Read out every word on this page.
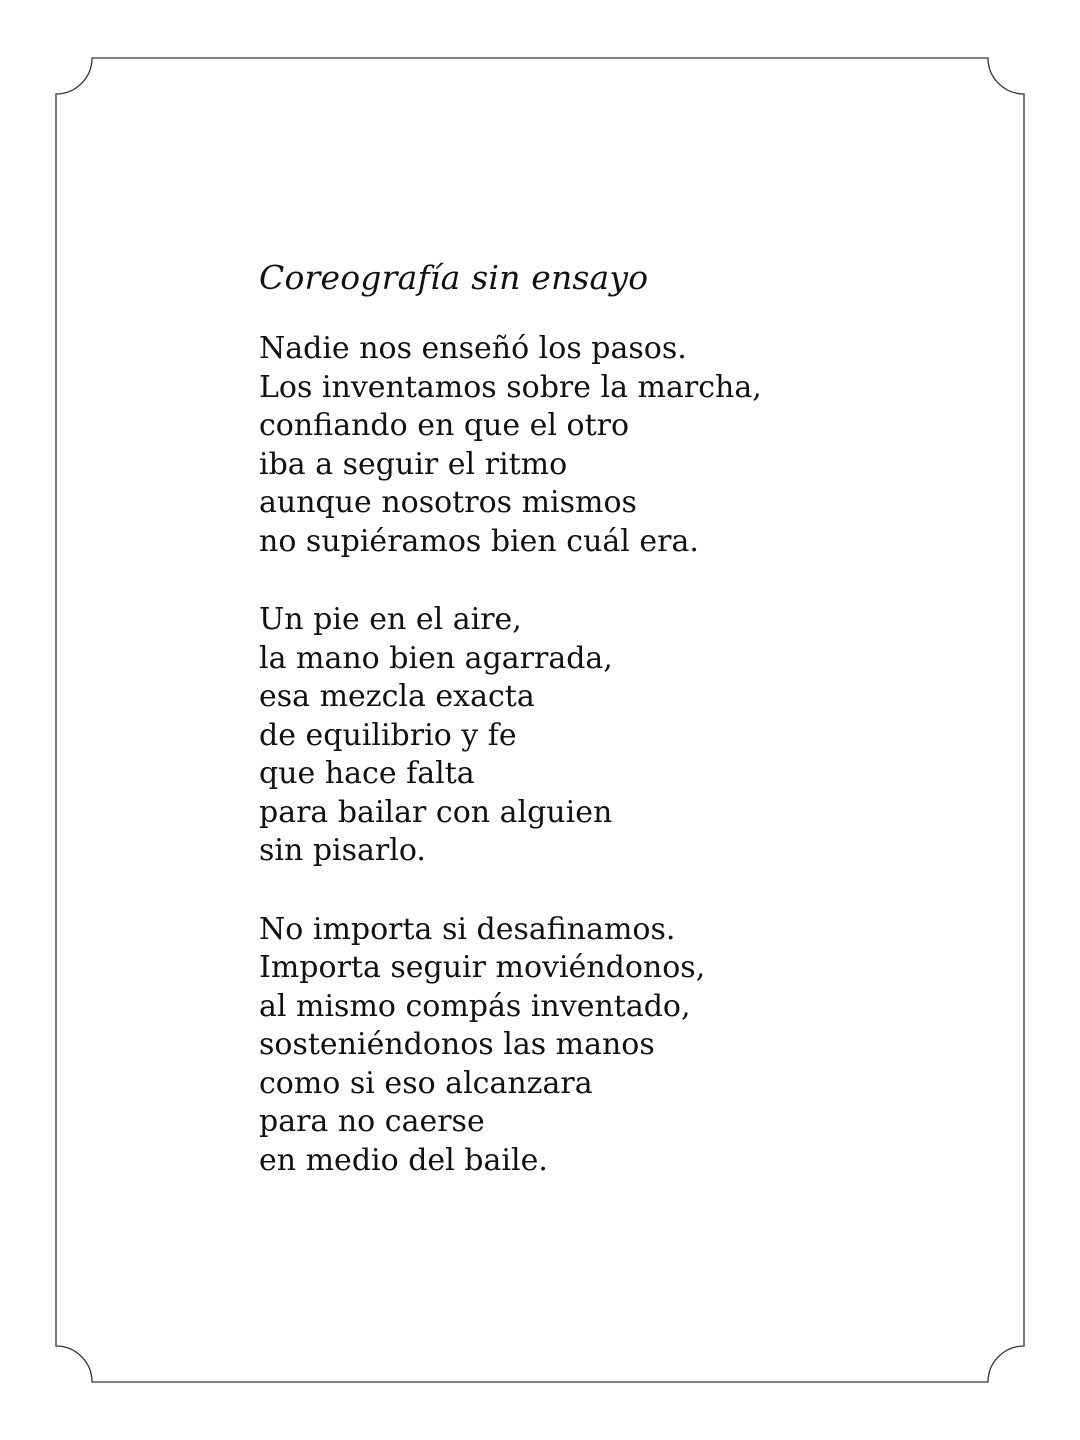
Coreografía sin ensayo

Nadie nos enseñó los pasos.
Los inventamos sobre la marcha,
confiando en que el otro
iba a seguir el ritmo
aunque nosotros mismos
no supiéramos bien cuál era.

Un pie en el aire,
la mano bien agarrada,
esa mezcla exacta
de equilibrio y fe
que hace falta
para bailar con alguien
sin pisarlo.

No importa si desafinamos.
Importa seguir moviéndonos,
al mismo compás inventado,
sosteniéndonos las manos
como si eso alcanzara
para no caerse
en medio del baile.
